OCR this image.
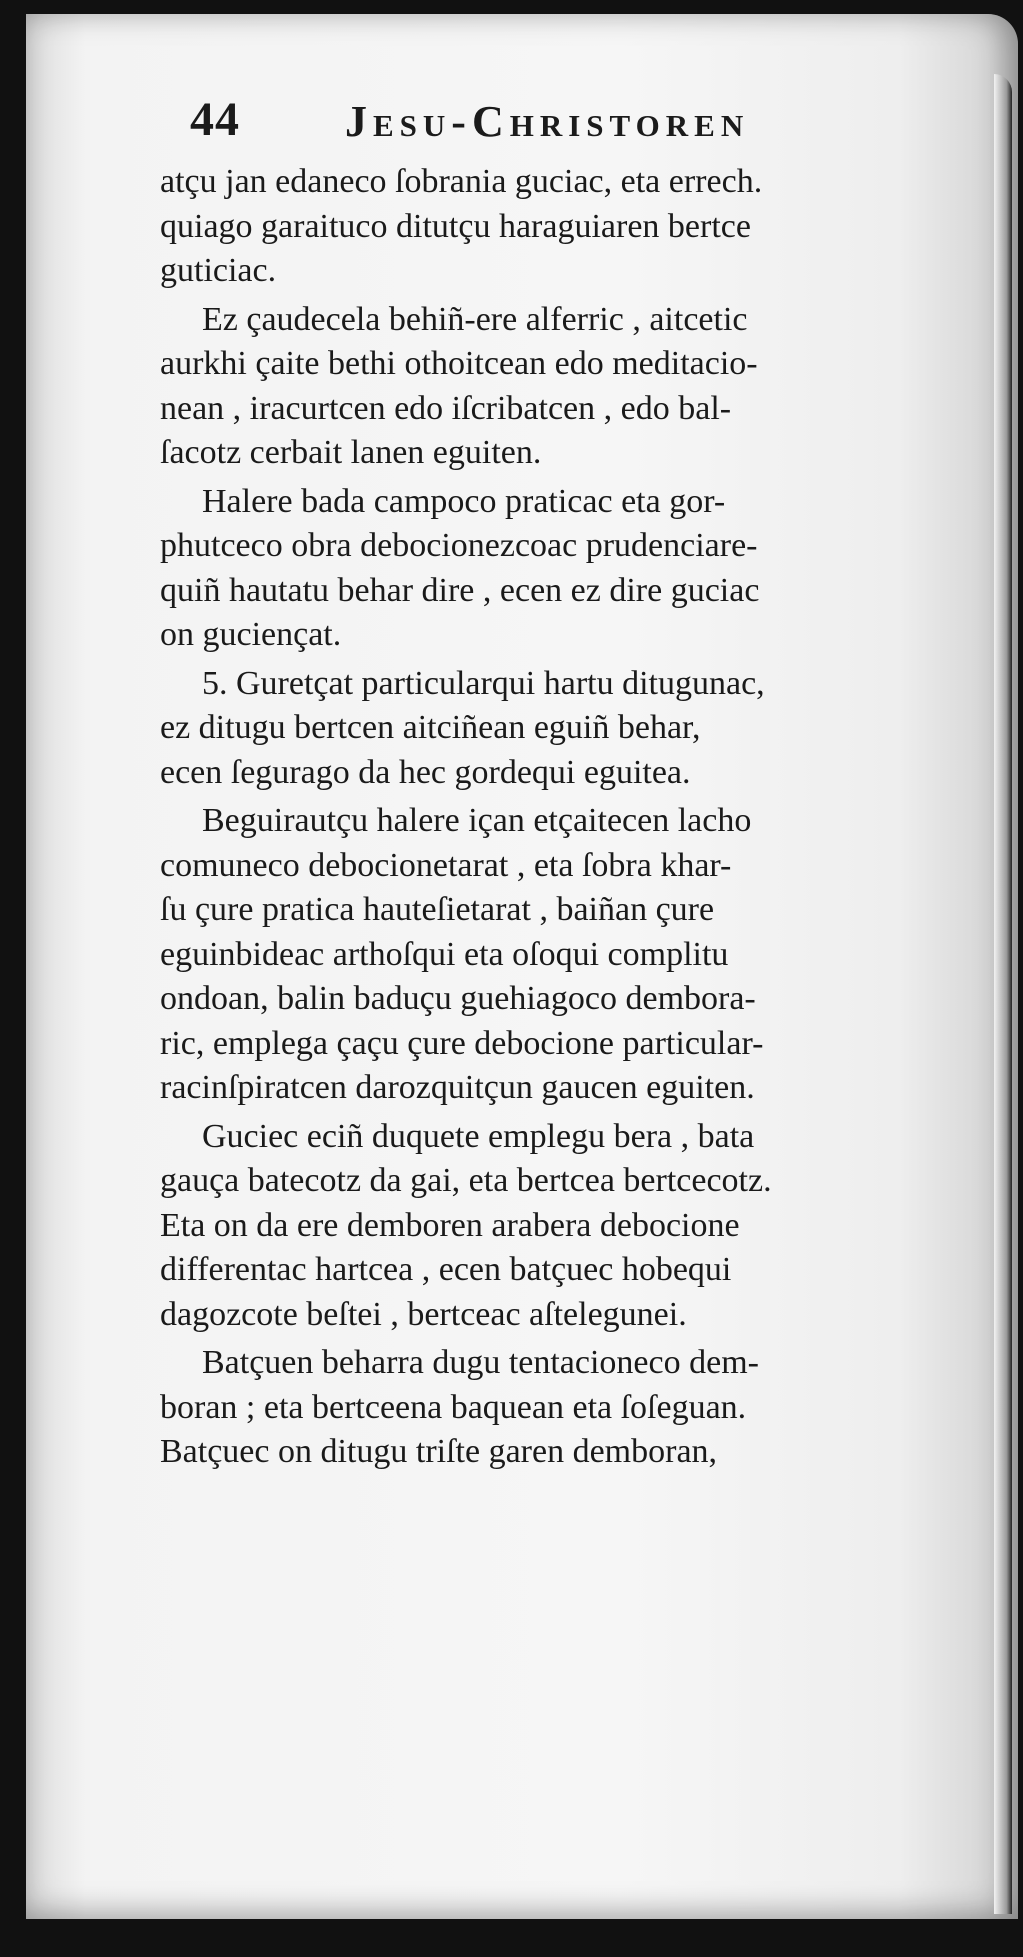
44 Jesu-Christoren
atçu jan edaneco ſobrania guciac, eta errech.
quiago garaituco ditutçu haraguiaren bertce
guticiac.
Ez çaudecela behiñ-ere alferric , aitcetic
aurkhi çaite bethi othoitcean edo meditacio-
nean , iracurtcen edo iſcribatcen , edo bal-
ſacotz cerbait lanen eguiten.
Halere bada campoco praticac eta gor-
phutceco obra debocionezcoac prudenciare-
quiñ hautatu behar dire , ecen ez dire guciac
on guciençat.
5. Guretçat particularqui hartu ditugunac,
ez ditugu bertcen aitciñean eguiñ behar,
ecen ſegurago da hec gordequi eguitea.
Beguirautçu halere içan etçaitecen lacho
comuneco debocionetarat , eta ſobra khar-
ſu çure pratica hauteſietarat , baiñan çure
eguinbideac arthoſqui eta oſoqui complitu
ondoan, balin baduçu guehiagoco demborа-
ric, emplega çaçu çure debocione particular-
racinſpiratcen darozquitçun gaucen eguiten.
Guciec eciñ duquete emplegu bera , bata
gauça batecotz da gai, eta bertcea bertcecotz.
Eta on da ere demboren arabera debocione
differentac hartcea , ecen batçuec hobequi
dagozcote beſtei , bertceac aſtelegunei.
Batçuen beharra dugu tentacioneco dem-
boran ; eta bertceena baquean eta ſoſeguan.
Batçuec on ditugu triſte garen demboran,
